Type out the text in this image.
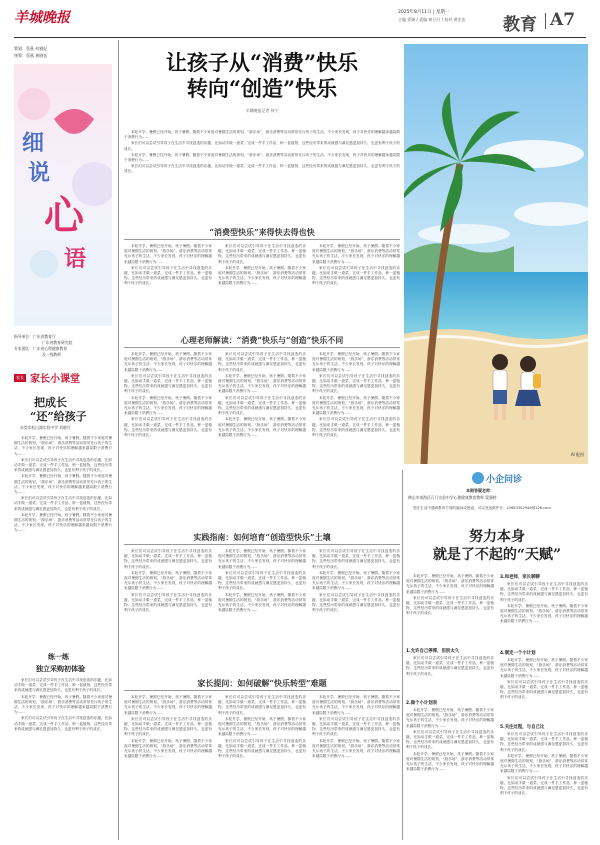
羊城晚报	2025年8月11日 | 星期一
主编 窦娟 / 责编 黄日升 / 校对 黄宏忠 教育 A7
策划：蔡燕 何雅妃
统筹：蔡燕 黄晓钰
细
说
心
语
指导单位：广东省教育厅
广东省教育研究院
专家团队：广东省心理健康教育
及一线教师
家长 家长小课堂
把成长
“还”给孩子
东莞市松山湖实验中学 刘晓丹

本轮开学、暑假已经开始，孩子暑假。随着不少家庭对暑期生活的规划，“游乐场”、游乐消费等活动常常充斥孩子的生活，不少家长发现，孩子对快乐的理解越来越局限于消费行为……

家长们可以尝试引导孩子在生活中寻找创造的乐趣，比如动手做一道菜、完成一件手工作品、种一盆植物，这些经历带来的成就感与满足感更加持久，也更有利于孩子的成长。

本轮开学、暑假已经开始，孩子暑假。随着不少家庭对暑期生活的规划，“游乐场”、游乐消费等活动常常充斥孩子的生活，不少家长发现，孩子对快乐的理解越来越局限于消费行为……

家长们可以尝试引导孩子在生活中寻找创造的乐趣，比如动手做一道菜、完成一件手工作品、种一盆植物，这些经历带来的成就感与满足感更加持久，也更有利于孩子的成长。

本轮开学、暑假已经开始，孩子暑假。随着不少家庭对暑期生活的规划，“游乐场”、游乐消费等活动常常充斥孩子的生活，不少家长发现，孩子对快乐的理解越来越局限于消费行为……

练一练
独立采购初体验

家长们可以尝试引导孩子在生活中寻找创造的乐趣，比如动手做一道菜、完成一件手工作品、种一盆植物，这些经历带来的成就感与满足感更加持久，也更有利于孩子的成长。

本轮开学、暑假已经开始，孩子暑假。随着不少家庭对暑期生活的规划，“游乐场”、游乐消费等活动常常充斥孩子的生活，不少家长发现，孩子对快乐的理解越来越局限于消费行为……

家长们可以尝试引导孩子在生活中寻找创造的乐趣，比如动手做一道菜、完成一件手工作品、种一盆植物，这些经历带来的成就感与满足感更加持久，也更有利于孩子的成长。

让孩子从“消费”快乐
转向“创造”快乐
羊城晚报记者 何宁

本轮开学、暑假已经开始，孩子暑假。随着不少家庭对暑期生活的规划，“游乐场”、游乐消费等活动常常充斥孩子的生活，不少家长发现，孩子对快乐的理解越来越局限于消费行为……

家长们可以尝试引导孩子在生活中寻找创造的乐趣，比如动手做一道菜、完成一件手工作品、种一盆植物，这些经历带来的成就感与满足感更加持久，也更有利于孩子的成长。

本轮开学、暑假已经开始，孩子暑假。随着不少家庭对暑期生活的规划，“游乐场”、游乐消费等活动常常充斥孩子的生活，不少家长发现，孩子对快乐的理解越来越局限于消费行为……

家长们可以尝试引导孩子在生活中寻找创造的乐趣，比如动手做一道菜、完成一件手工作品、种一盆植物，这些经历带来的成就感与满足感更加持久，也更有利于孩子的成长。

AI 配图
“消费型快乐”来得快去得也快

本轮开学、暑假已经开始，孩子暑假。随着不少家庭对暑期生活的规划，“游乐场”、游乐消费等活动常常充斥孩子的生活，不少家长发现，孩子对快乐的理解越来越局限于消费行为……

家长们可以尝试引导孩子在生活中寻找创造的乐趣，比如动手做一道菜、完成一件手工作品、种一盆植物，这些经历带来的成就感与满足感更加持久，也更有利于孩子的成长。

家长们可以尝试引导孩子在生活中寻找创造的乐趣，比如动手做一道菜、完成一件手工作品、种一盆植物，这些经历带来的成就感与满足感更加持久，也更有利于孩子的成长。

本轮开学、暑假已经开始，孩子暑假。随着不少家庭对暑期生活的规划，“游乐场”、游乐消费等活动常常充斥孩子的生活，不少家长发现，孩子对快乐的理解越来越局限于消费行为……

本轮开学、暑假已经开始，孩子暑假。随着不少家庭对暑期生活的规划，“游乐场”、游乐消费等活动常常充斥孩子的生活，不少家长发现，孩子对快乐的理解越来越局限于消费行为……

家长们可以尝试引导孩子在生活中寻找创造的乐趣，比如动手做一道菜、完成一件手工作品、种一盆植物，这些经历带来的成就感与满足感更加持久，也更有利于孩子的成长。

心理老师解读：“消费”快乐与“创造”快乐不同

本轮开学、暑假已经开始，孩子暑假。随着不少家庭对暑期生活的规划，“游乐场”、游乐消费等活动常常充斥孩子的生活，不少家长发现，孩子对快乐的理解越来越局限于消费行为……

家长们可以尝试引导孩子在生活中寻找创造的乐趣，比如动手做一道菜、完成一件手工作品、种一盆植物，这些经历带来的成就感与满足感更加持久，也更有利于孩子的成长。

本轮开学、暑假已经开始，孩子暑假。随着不少家庭对暑期生活的规划，“游乐场”、游乐消费等活动常常充斥孩子的生活，不少家长发现，孩子对快乐的理解越来越局限于消费行为……

家长们可以尝试引导孩子在生活中寻找创造的乐趣，比如动手做一道菜、完成一件手工作品、种一盆植物，这些经历带来的成就感与满足感更加持久，也更有利于孩子的成长。

家长们可以尝试引导孩子在生活中寻找创造的乐趣，比如动手做一道菜、完成一件手工作品、种一盆植物，这些经历带来的成就感与满足感更加持久，也更有利于孩子的成长。

本轮开学、暑假已经开始，孩子暑假。随着不少家庭对暑期生活的规划，“游乐场”、游乐消费等活动常常充斥孩子的生活，不少家长发现，孩子对快乐的理解越来越局限于消费行为……

家长们可以尝试引导孩子在生活中寻找创造的乐趣，比如动手做一道菜、完成一件手工作品、种一盆植物，这些经历带来的成就感与满足感更加持久，也更有利于孩子的成长。

本轮开学、暑假已经开始，孩子暑假。随着不少家庭对暑期生活的规划，“游乐场”、游乐消费等活动常常充斥孩子的生活，不少家长发现，孩子对快乐的理解越来越局限于消费行为……

本轮开学、暑假已经开始，孩子暑假。随着不少家庭对暑期生活的规划，“游乐场”、游乐消费等活动常常充斥孩子的生活，不少家长发现，孩子对快乐的理解越来越局限于消费行为……

家长们可以尝试引导孩子在生活中寻找创造的乐趣，比如动手做一道菜、完成一件手工作品、种一盆植物，这些经历带来的成就感与满足感更加持久，也更有利于孩子的成长。

本轮开学、暑假已经开始，孩子暑假。随着不少家庭对暑期生活的规划，“游乐场”、游乐消费等活动常常充斥孩子的生活，不少家长发现，孩子对快乐的理解越来越局限于消费行为……

家长们可以尝试引导孩子在生活中寻找创造的乐趣，比如动手做一道菜、完成一件手工作品、种一盆植物，这些经历带来的成就感与满足感更加持久，也更有利于孩子的成长。

实践指南：如何培育“创造型快乐”土壤

家长们可以尝试引导孩子在生活中寻找创造的乐趣，比如动手做一道菜、完成一件手工作品、种一盆植物，这些经历带来的成就感与满足感更加持久，也更有利于孩子的成长。

本轮开学、暑假已经开始，孩子暑假。随着不少家庭对暑期生活的规划，“游乐场”、游乐消费等活动常常充斥孩子的生活，不少家长发现，孩子对快乐的理解越来越局限于消费行为……

家长们可以尝试引导孩子在生活中寻找创造的乐趣，比如动手做一道菜、完成一件手工作品、种一盆植物，这些经历带来的成就感与满足感更加持久，也更有利于孩子的成长。

本轮开学、暑假已经开始，孩子暑假。随着不少家庭对暑期生活的规划，“游乐场”、游乐消费等活动常常充斥孩子的生活，不少家长发现，孩子对快乐的理解越来越局限于消费行为……

家长们可以尝试引导孩子在生活中寻找创造的乐趣，比如动手做一道菜、完成一件手工作品、种一盆植物，这些经历带来的成就感与满足感更加持久，也更有利于孩子的成长。

本轮开学、暑假已经开始，孩子暑假。随着不少家庭对暑期生活的规划，“游乐场”、游乐消费等活动常常充斥孩子的生活，不少家长发现，孩子对快乐的理解越来越局限于消费行为……

家长们可以尝试引导孩子在生活中寻找创造的乐趣，比如动手做一道菜、完成一件手工作品、种一盆植物，这些经历带来的成就感与满足感更加持久，也更有利于孩子的成长。

本轮开学、暑假已经开始，孩子暑假。随着不少家庭对暑期生活的规划，“游乐场”、游乐消费等活动常常充斥孩子的生活，不少家长发现，孩子对快乐的理解越来越局限于消费行为……

家长们可以尝试引导孩子在生活中寻找创造的乐趣，比如动手做一道菜、完成一件手工作品、种一盆植物，这些经历带来的成就感与满足感更加持久，也更有利于孩子的成长。

家长提问：如何破解“快乐转型”难题

本轮开学、暑假已经开始，孩子暑假。随着不少家庭对暑期生活的规划，“游乐场”、游乐消费等活动常常充斥孩子的生活，不少家长发现，孩子对快乐的理解越来越局限于消费行为……

家长们可以尝试引导孩子在生活中寻找创造的乐趣，比如动手做一道菜、完成一件手工作品、种一盆植物，这些经历带来的成就感与满足感更加持久，也更有利于孩子的成长。

本轮开学、暑假已经开始，孩子暑假。随着不少家庭对暑期生活的规划，“游乐场”、游乐消费等活动常常充斥孩子的生活，不少家长发现，孩子对快乐的理解越来越局限于消费行为……

家长们可以尝试引导孩子在生活中寻找创造的乐趣，比如动手做一道菜、完成一件手工作品、种一盆植物，这些经历带来的成就感与满足感更加持久，也更有利于孩子的成长。

本轮开学、暑假已经开始，孩子暑假。随着不少家庭对暑期生活的规划，“游乐场”、游乐消费等活动常常充斥孩子的生活，不少家长发现，孩子对快乐的理解越来越局限于消费行为……

家长们可以尝试引导孩子在生活中寻找创造的乐趣，比如动手做一道菜、完成一件手工作品、种一盆植物，这些经历带来的成就感与满足感更加持久，也更有利于孩子的成长。

本轮开学、暑假已经开始，孩子暑假。随着不少家庭对暑期生活的规划，“游乐场”、游乐消费等活动常常充斥孩子的生活，不少家长发现，孩子对快乐的理解越来越局限于消费行为……

家长们可以尝试引导孩子在生活中寻找创造的乐趣，比如动手做一道菜、完成一件手工作品、种一盆植物，这些经历带来的成就感与满足感更加持久，也更有利于孩子的成长。

本轮开学、暑假已经开始，孩子暑假。随着不少家庭对暑期生活的规划，“游乐场”、游乐消费等活动常常充斥孩子的生活，不少家长发现，孩子对快乐的理解越来越局限于消费行为……

小企问诊
本期答疑老师：
佛山市南海区石门实验中学心理健康教育教师 梁漫婷
您在生活中遇到教育方面的疑问或困惑，可以发送邮件至：15683302949@126.com
努力本身
就是了不起的“天赋”

本轮开学、暑假已经开始，孩子暑假。随着不少家庭对暑期生活的规划，“游乐场”、游乐消费等活动常常充斥孩子的生活，不少家长发现，孩子对快乐的理解越来越局限于消费行为……

家长们可以尝试引导孩子在生活中寻找创造的乐趣，比如动手做一道菜、完成一件手工作品、种一盆植物，这些经历带来的成就感与满足感更加持久，也更有利于孩子的成长。

1.允许自己停滞，但别太久

家长们可以尝试引导孩子在生活中寻找创造的乐趣，比如动手做一道菜、完成一件手工作品、种一盆植物，这些经历带来的成就感与满足感更加持久，也更有利于孩子的成长。

2.做个小计划表

本轮开学、暑假已经开始，孩子暑假。随着不少家庭对暑期生活的规划，“游乐场”、游乐消费等活动常常充斥孩子的生活，不少家长发现，孩子对快乐的理解越来越局限于消费行为……

家长们可以尝试引导孩子在生活中寻找创造的乐趣，比如动手做一道菜、完成一件手工作品、种一盆植物，这些经历带来的成就感与满足感更加持久，也更有利于孩子的成长。

本轮开学、暑假已经开始，孩子暑假。随着不少家庭对暑期生活的规划，“游乐场”、游乐消费等活动常常充斥孩子的生活，不少家长发现，孩子对快乐的理解越来越局限于消费行为……

3.和老师、家长聊聊

家长们可以尝试引导孩子在生活中寻找创造的乐趣，比如动手做一道菜、完成一件手工作品、种一盆植物，这些经历带来的成就感与满足感更加持久，也更有利于孩子的成长。

本轮开学、暑假已经开始，孩子暑假。随着不少家庭对暑期生活的规划，“游乐场”、游乐消费等活动常常充斥孩子的生活，不少家长发现，孩子对快乐的理解越来越局限于消费行为……

4.制定一个小计划

本轮开学、暑假已经开始，孩子暑假。随着不少家庭对暑期生活的规划，“游乐场”、游乐消费等活动常常充斥孩子的生活，不少家长发现，孩子对快乐的理解越来越局限于消费行为……

家长们可以尝试引导孩子在生活中寻找创造的乐趣，比如动手做一道菜、完成一件手工作品、种一盆植物，这些经历带来的成就感与满足感更加持久，也更有利于孩子的成长。

5.关注过程，与自己比

家长们可以尝试引导孩子在生活中寻找创造的乐趣，比如动手做一道菜、完成一件手工作品、种一盆植物，这些经历带来的成就感与满足感更加持久，也更有利于孩子的成长。

本轮开学、暑假已经开始，孩子暑假。随着不少家庭对暑期生活的规划，“游乐场”、游乐消费等活动常常充斥孩子的生活，不少家长发现，孩子对快乐的理解越来越局限于消费行为……

家长们可以尝试引导孩子在生活中寻找创造的乐趣，比如动手做一道菜、完成一件手工作品、种一盆植物，这些经历带来的成就感与满足感更加持久，也更有利于孩子的成长。
